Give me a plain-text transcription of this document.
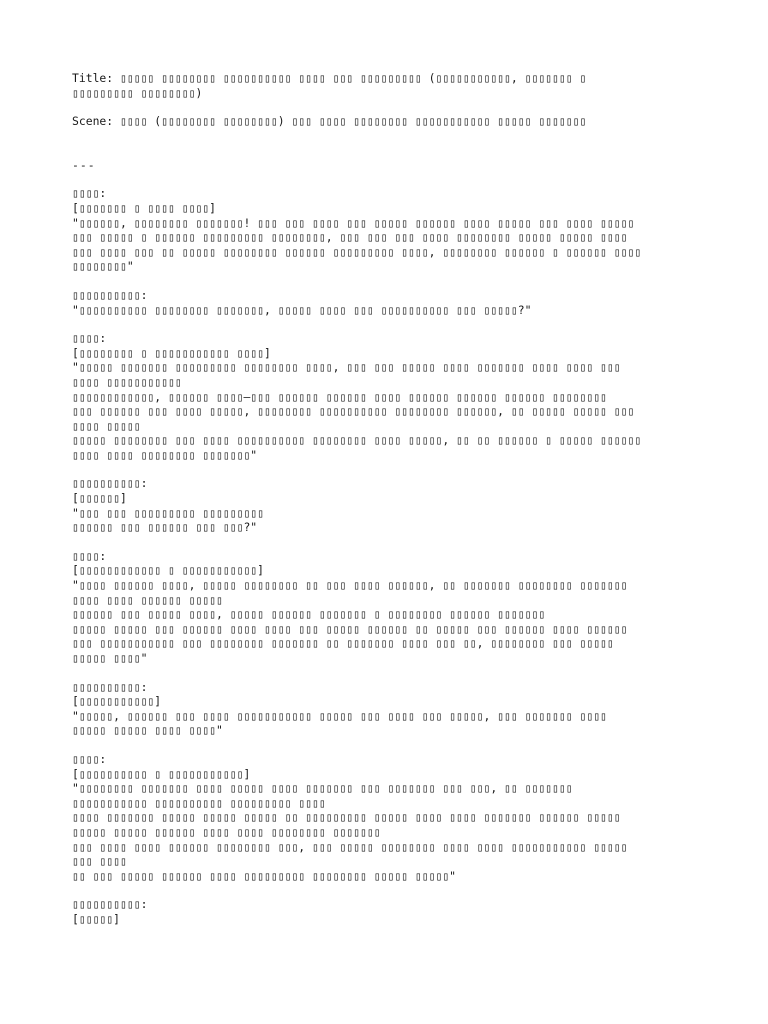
Title: ▯▯▯▯▯ ▯▯▯▯▯▯▯▯ ▯▯▯▯▯▯▯▯▯▯ ▯▯▯▯ ▯▯▯ ▯▯▯▯▯▯▯▯▯ (▯▯▯▯▯▯▯▯▯▯▯, ▯▯▯▯▯▯▯ ▯
▯▯▯▯▯▯▯▯▯ ▯▯▯▯▯▯▯▯)
Scene: ▯▯▯▯ (▯▯▯▯▯▯▯▯ ▯▯▯▯▯▯▯▯) ▯▯▯ ▯▯▯▯ ▯▯▯▯▯▯▯▯ ▯▯▯▯▯▯▯▯▯▯▯ ▯▯▯▯▯ ▯▯▯▯▯▯▯
---
▯▯▯▯:
[▯▯▯▯▯▯▯ ▯ ▯▯▯▯ ▯▯▯▯]
"▯▯▯▯▯▯, ▯▯▯▯▯▯▯▯ ▯▯▯▯▯▯▯! ▯▯▯ ▯▯▯ ▯▯▯▯ ▯▯▯ ▯▯▯▯▯ ▯▯▯▯▯▯ ▯▯▯▯ ▯▯▯▯▯ ▯▯▯ ▯▯▯▯ ▯▯▯▯▯
▯▯▯ ▯▯▯▯▯ ▯ ▯▯▯▯▯▯ ▯▯▯▯▯▯▯▯▯ ▯▯▯▯▯▯▯▯, ▯▯▯ ▯▯▯ ▯▯▯ ▯▯▯▯ ▯▯▯▯▯▯▯▯ ▯▯▯▯▯ ▯▯▯▯▯ ▯▯▯▯
▯▯▯ ▯▯▯▯ ▯▯▯ ▯▯ ▯▯▯▯▯ ▯▯▯▯▯▯▯▯ ▯▯▯▯▯▯ ▯▯▯▯▯▯▯▯▯ ▯▯▯▯, ▯▯▯▯▯▯▯▯ ▯▯▯▯▯▯ ▯ ▯▯▯▯▯▯ ▯▯▯▯
▯▯▯▯▯▯▯▯"
▯▯▯▯▯▯▯▯▯▯:
"▯▯▯▯▯▯▯▯▯▯ ▯▯▯▯▯▯▯▯ ▯▯▯▯▯▯▯, ▯▯▯▯▯ ▯▯▯▯ ▯▯▯ ▯▯▯▯▯▯▯▯▯▯ ▯▯▯ ▯▯▯▯▯?"
▯▯▯▯:
[▯▯▯▯▯▯▯▯ ▯ ▯▯▯▯▯▯▯▯▯▯▯ ▯▯▯▯]
"▯▯▯▯▯ ▯▯▯▯▯▯▯ ▯▯▯▯▯▯▯▯▯ ▯▯▯▯▯▯▯▯ ▯▯▯▯, ▯▯▯ ▯▯▯ ▯▯▯▯▯ ▯▯▯▯ ▯▯▯▯▯▯▯ ▯▯▯▯ ▯▯▯▯ ▯▯▯
▯▯▯▯ ▯▯▯▯▯▯▯▯▯▯▯
▯▯▯▯▯▯▯▯▯▯▯▯, ▯▯▯▯▯▯ ▯▯▯▯—▯▯▯ ▯▯▯▯▯▯ ▯▯▯▯▯▯ ▯▯▯▯ ▯▯▯▯▯▯ ▯▯▯▯▯▯ ▯▯▯▯▯▯ ▯▯▯▯▯▯▯▯
▯▯▯ ▯▯▯▯▯▯ ▯▯▯ ▯▯▯▯ ▯▯▯▯▯, ▯▯▯▯▯▯▯▯ ▯▯▯▯▯▯▯▯▯▯ ▯▯▯▯▯▯▯▯ ▯▯▯▯▯▯, ▯▯ ▯▯▯▯▯ ▯▯▯▯▯ ▯▯▯
▯▯▯▯ ▯▯▯▯▯
▯▯▯▯▯ ▯▯▯▯▯▯▯▯ ▯▯▯ ▯▯▯▯ ▯▯▯▯▯▯▯▯▯▯ ▯▯▯▯▯▯▯▯ ▯▯▯▯ ▯▯▯▯▯, ▯▯ ▯▯ ▯▯▯▯▯▯ ▯ ▯▯▯▯▯ ▯▯▯▯▯▯
▯▯▯▯ ▯▯▯▯ ▯▯▯▯▯▯▯▯ ▯▯▯▯▯▯▯"
▯▯▯▯▯▯▯▯▯▯:
[▯▯▯▯▯▯]
"▯▯▯ ▯▯▯ ▯▯▯▯▯▯▯▯▯ ▯▯▯▯▯▯▯▯▯
▯▯▯▯▯▯ ▯▯▯ ▯▯▯▯▯▯ ▯▯▯ ▯▯▯?"
▯▯▯▯:
[▯▯▯▯▯▯▯▯▯▯▯▯ ▯ ▯▯▯▯▯▯▯▯▯▯▯]
"▯▯▯▯ ▯▯▯▯▯▯ ▯▯▯▯, ▯▯▯▯▯ ▯▯▯▯▯▯▯▯ ▯▯ ▯▯▯ ▯▯▯▯ ▯▯▯▯▯▯, ▯▯ ▯▯▯▯▯▯▯ ▯▯▯▯▯▯▯▯ ▯▯▯▯▯▯▯
▯▯▯▯ ▯▯▯▯ ▯▯▯▯▯▯ ▯▯▯▯▯
▯▯▯▯▯▯ ▯▯▯ ▯▯▯▯▯ ▯▯▯▯, ▯▯▯▯▯ ▯▯▯▯▯▯ ▯▯▯▯▯▯▯ ▯ ▯▯▯▯▯▯▯▯ ▯▯▯▯▯▯ ▯▯▯▯▯▯▯
▯▯▯▯▯ ▯▯▯▯▯ ▯▯▯ ▯▯▯▯▯▯ ▯▯▯▯ ▯▯▯▯ ▯▯▯ ▯▯▯▯▯ ▯▯▯▯▯▯ ▯▯ ▯▯▯▯▯ ▯▯▯ ▯▯▯▯▯▯ ▯▯▯▯ ▯▯▯▯▯▯
▯▯▯ ▯▯▯▯▯▯▯▯▯▯▯ ▯▯▯ ▯▯▯▯▯▯▯▯ ▯▯▯▯▯▯▯ ▯▯ ▯▯▯▯▯▯▯ ▯▯▯▯ ▯▯▯ ▯▯, ▯▯▯▯▯▯▯▯ ▯▯▯ ▯▯▯▯▯
▯▯▯▯▯ ▯▯▯▯"
▯▯▯▯▯▯▯▯▯▯:
[▯▯▯▯▯▯▯▯▯▯▯]
"▯▯▯▯▯, ▯▯▯▯▯▯ ▯▯▯ ▯▯▯▯ ▯▯▯▯▯▯▯▯▯▯▯ ▯▯▯▯▯ ▯▯▯ ▯▯▯▯ ▯▯▯ ▯▯▯▯▯, ▯▯▯ ▯▯▯▯▯▯▯ ▯▯▯▯
▯▯▯▯▯ ▯▯▯▯▯ ▯▯▯▯ ▯▯▯▯"
▯▯▯▯:
[▯▯▯▯▯▯▯▯▯▯ ▯ ▯▯▯▯▯▯▯▯▯▯▯]
"▯▯▯▯▯▯▯▯ ▯▯▯▯▯▯▯ ▯▯▯▯ ▯▯▯▯▯ ▯▯▯▯ ▯▯▯▯▯▯▯ ▯▯▯ ▯▯▯▯▯▯▯ ▯▯▯ ▯▯▯, ▯▯ ▯▯▯▯▯▯▯
▯▯▯▯▯▯▯▯▯▯▯ ▯▯▯▯▯▯▯▯▯▯ ▯▯▯▯▯▯▯▯▯ ▯▯▯▯
▯▯▯▯ ▯▯▯▯▯▯▯ ▯▯▯▯▯ ▯▯▯▯▯ ▯▯▯▯▯ ▯▯ ▯▯▯▯▯▯▯▯▯ ▯▯▯▯▯ ▯▯▯▯ ▯▯▯▯ ▯▯▯▯▯▯▯ ▯▯▯▯▯▯ ▯▯▯▯▯
▯▯▯▯▯ ▯▯▯▯▯ ▯▯▯▯▯▯ ▯▯▯▯ ▯▯▯▯ ▯▯▯▯▯▯▯▯ ▯▯▯▯▯▯▯
▯▯▯ ▯▯▯▯ ▯▯▯▯ ▯▯▯▯▯▯ ▯▯▯▯▯▯▯▯ ▯▯▯, ▯▯▯ ▯▯▯▯▯ ▯▯▯▯▯▯▯▯ ▯▯▯▯ ▯▯▯▯ ▯▯▯▯▯▯▯▯▯▯▯ ▯▯▯▯▯
▯▯▯ ▯▯▯▯
▯▯ ▯▯▯ ▯▯▯▯▯ ▯▯▯▯▯▯ ▯▯▯▯ ▯▯▯▯▯▯▯▯▯ ▯▯▯▯▯▯▯▯ ▯▯▯▯▯ ▯▯▯▯▯"
▯▯▯▯▯▯▯▯▯▯:
[▯▯▯▯▯]
